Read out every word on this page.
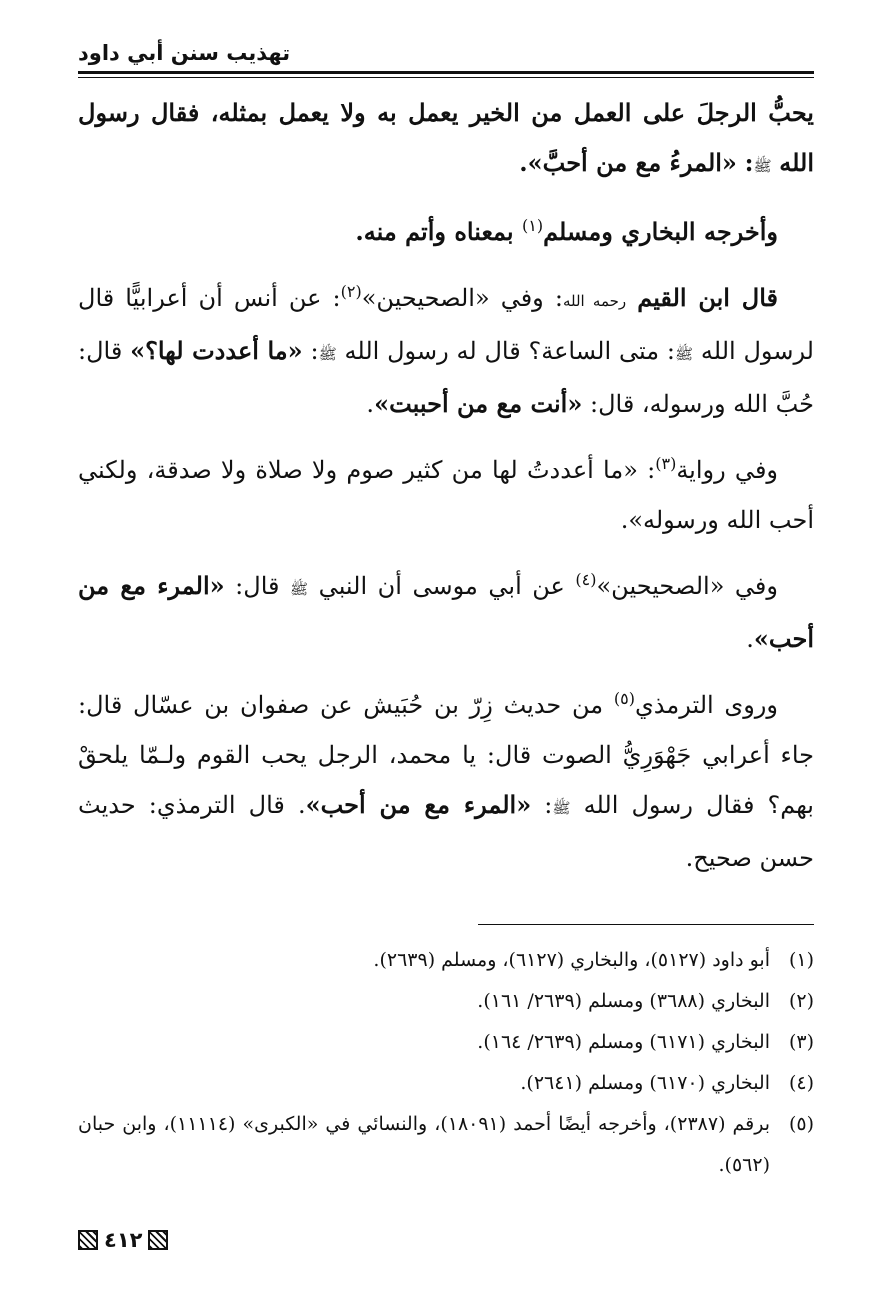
تهذيب سنن أبي داود

يحبُّ الرجلَ على العمل من الخير يعمل به ولا يعمل بمثله، فقال رسول الله ﷺ: «المرءُ مع من أحبَّ».

وأخرجه البخاري ومسلم$^{(١)}$ بمعناه وأتم منه.

قال ابن القيم رحمه الله: وفي «الصحيحين»$^{(٢)}$: عن أنس أن أعرابيًّا قال لرسول الله ﷺ: متى الساعة؟ قال له رسول الله ﷺ: «ما أعددت لها؟» قال: حُبَّ الله ورسوله، قال: «أنت مع من أحببت».

وفي رواية$^{(٣)}$: «ما أعددتُ لها من كثير صوم ولا صلاة ولا صدقة، ولكني أحب الله ورسوله».

وفي «الصحيحين»$^{(٤)}$ عن أبي موسى أن النبي ﷺ قال: «المرء مع من أحب».

وروى الترمذي$^{(٥)}$ من حديث زِرّ بن حُبَيش عن صفوان بن عسّال قال: جاء أعرابي جَهْوَرِيُّ الصوت قال: يا محمد، الرجل يحب القوم ولـمّا يلحقْ بهم؟ فقال رسول الله ﷺ: «المرء مع من أحب». قال الترمذي: حديث حسن صحيح.

(١)
أبو داود (٥١٢٧)، والبخاري (٦١٢٧)، ومسلم (٢٦٣٩).
(٢)
البخاري (٣٦٨٨) ومسلم (٢٦٣٩/ ١٦١).
(٣)
البخاري (٦١٧١) ومسلم (٢٦٣٩/ ١٦٤).
(٤)
البخاري (٦١٧٠) ومسلم (٢٦٤١).
(٥)
برقم (٢٣٨٧)، وأخرجه أيضًا أحمد (١٨٠٩١)، والنسائي في «الكبرى» (١١١١٤)، وابن حبان (٥٦٢).
٤١٢
